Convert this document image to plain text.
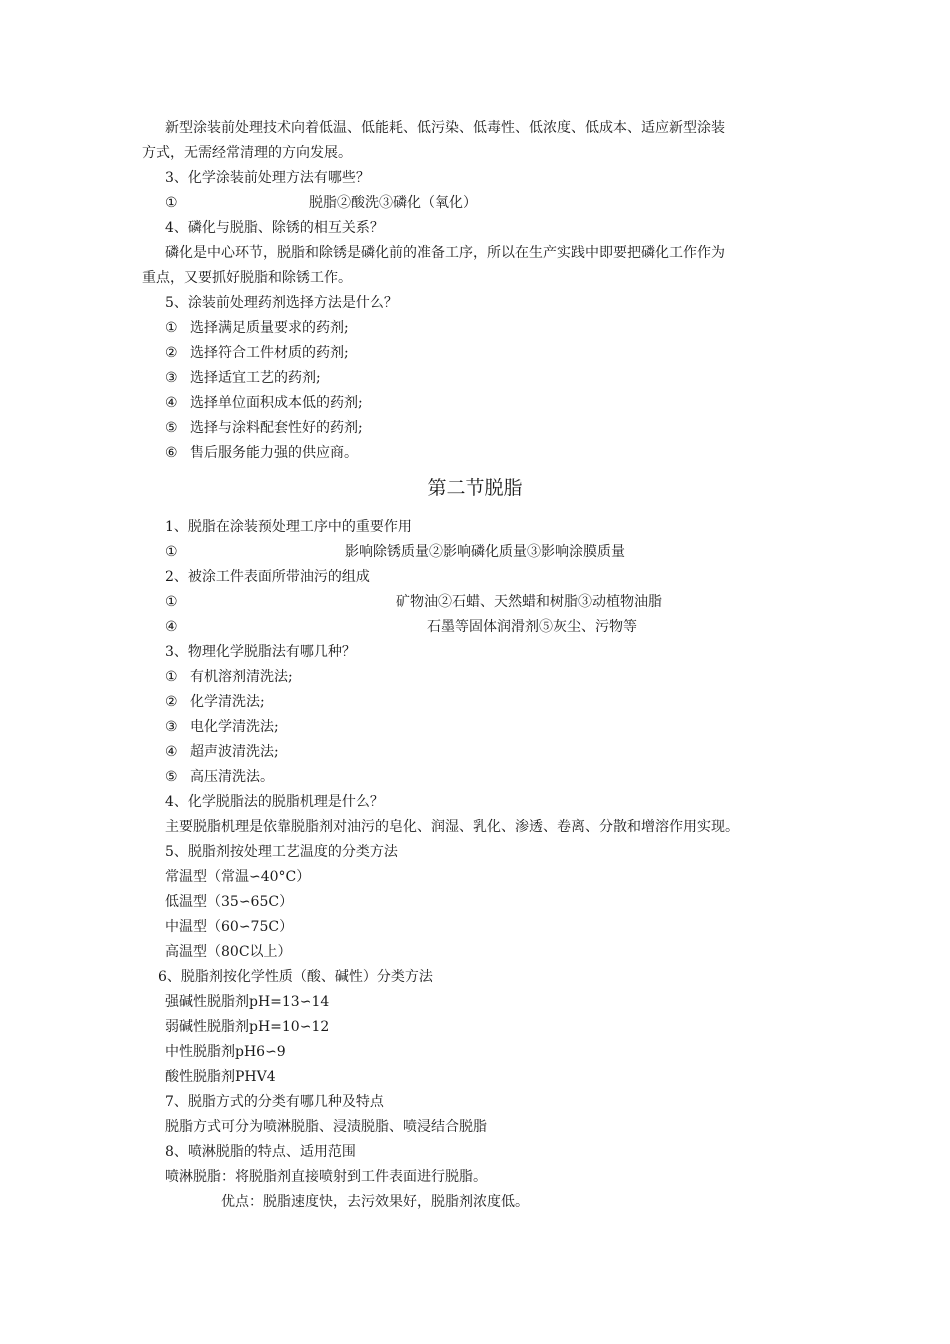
新型涂装前处理技术向着低温、低能耗、低污染、低毒性、低浓度、低成本、适应新型涂装
方式，无需经常清理的方向发展。
3、化学涂装前处理方法有哪些？
①	脱脂②酸洗③磷化（氧化）
4、磷化与脱脂、除锈的相互关系？
磷化是中心环节，脱脂和除锈是磷化前的准备工序，所以在生产实践中即要把磷化工作作为
重点，又要抓好脱脂和除锈工作。
5、涂装前处理药剂选择方法是什么？
① 选择满足质量要求的药剂;
② 选择符合工件材质的药剂;
③ 选择适宜工艺的药剂;
④ 选择单位面积成本低的药剂;
⑤ 选择与涂料配套性好的药剂;
⑥ 售后服务能力强的供应商。
第二节脱脂
1、脱脂在涂装预处理工序中的重要作用
①	影响除锈质量②影响磷化质量③影响涂膜质量
2、被涂工件表面所带油污的组成
①	矿物油②石蜡、天然蜡和树脂③动植物油脂
④	石墨等固体润滑剂⑤灰尘、污物等
3、物理化学脱脂法有哪几种？
① 有机溶剂清洗法;
② 化学清洗法;
③ 电化学清洗法;
④ 超声波清洗法;
⑤ 高压清洗法。
4、化学脱脂法的脱脂机理是什么？
主要脱脂机理是依靠脱脂剂对油污的皂化、润湿、乳化、渗透、卷离、分散和增溶作用实现。
5、脱脂剂按处理工艺温度的分类方法
常温型（常温∽40°C）
低温型（35∽65C）
中温型（60∽75C）
高温型（80C以上）
6、脱脂剂按化学性质（酸、碱性）分类方法
强碱性脱脂剂pH=13∽14
弱碱性脱脂剂pH=10∽12
中性脱脂剂pH6∽9
酸性脱脂剂PHV4
7、脱脂方式的分类有哪几种及特点
脱脂方式可分为喷淋脱脂、浸渍脱脂、喷浸结合脱脂
8、喷淋脱脂的特点、适用范围
喷淋脱脂：将脱脂剂直接喷射到工件表面进行脱脂。
优点：脱脂速度快，去污效果好，脱脂剂浓度低。
